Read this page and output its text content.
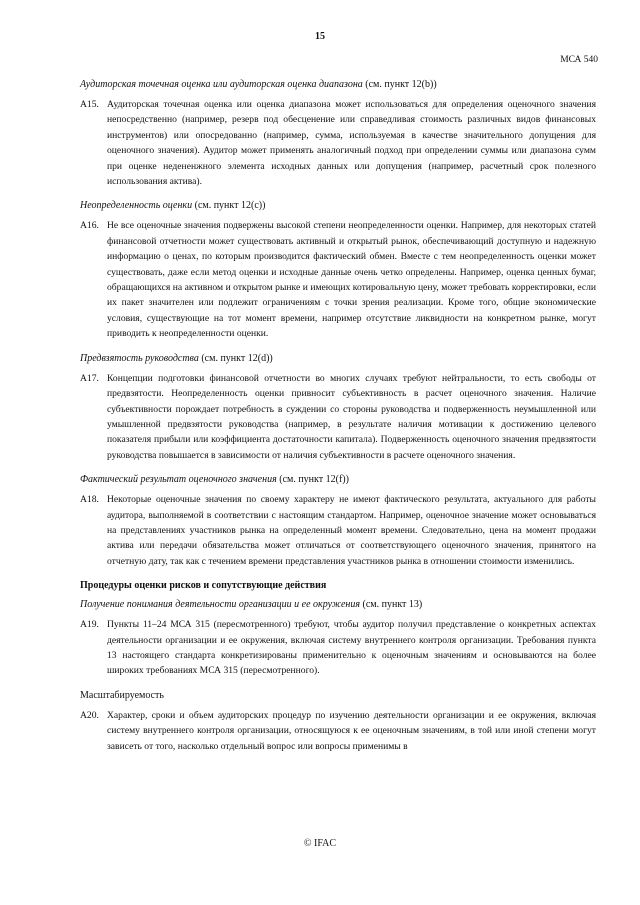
15
МСА 540
Аудиторская точечная оценка или аудиторская оценка диапазона (см. пункт 12(b))
A15. Аудиторская точечная оценка или оценка диапазона может использоваться для определения оценочного значения непосредственно (например, резерв под обесценение или справедливая стоимость различных видов финансовых инструментов) или опосредованно (например, сумма, используемая в качестве значительного допущения для оценочного значения). Аудитор может применять аналогичный подход при определении суммы или диапазона сумм при оценке недененжного элемента исходных данных или допущения (например, расчетный срок полезного использования актива).
Неопределенность оценки (см. пункт 12(c))
A16. Не все оценочные значения подвержены высокой степени неопределенности оценки. Например, для некоторых статей финансовой отчетности может существовать активный и открытый рынок, обеспечивающий доступную и надежную информацию о ценах, по которым производится фактический обмен. Вместе с тем неопределенность оценки может существовать, даже если метод оценки и исходные данные очень четко определены. Например, оценка ценных бумаг, обращающихся на активном и открытом рынке и имеющих котировальную цену, может требовать корректировки, если их пакет значителен или подлежит ограничениям с точки зрения реализации. Кроме того, общие экономические условия, существующие на тот момент времени, например отсутствие ликвидности на конкретном рынке, могут приводить к неопределенности оценки.
Предвзятость руководства (см. пункт 12(d))
A17. Концепции подготовки финансовой отчетности во многих случаях требуют нейтральности, то есть свободы от предвзятости. Неопределенность оценки привносит субъективность в расчет оценочного значения. Наличие субъективности порождает потребность в суждении со стороны руководства и подверженность неумышленной или умышленной предвзятости руководства (например, в результате наличия мотивации к достижению целевого показателя прибыли или коэффициента достаточности капитала). Подверженность оценочного значения предвзятости руководства повышается в зависимости от наличия субъективности в расчете оценочного значения.
Фактический результат оценочного значения (см. пункт 12(f))
A18. Некоторые оценочные значения по своему характеру не имеют фактического результата, актуального для работы аудитора, выполняемой в соответствии с настоящим стандартом. Например, оценочное значение может основываться на представлениях участников рынка на определенный момент времени. Следовательно, цена на момент продажи актива или передачи обязательства может отличаться от соответствующего оценочного значения, принятого на отчетную дату, так как с течением времени представления участников рынка в отношении стоимости изменились.
Процедуры оценки рисков и сопутствующие действия
Получение понимания деятельности организации и ее окружения (см. пункт 13)
A19. Пункты 11–24 МСА 315 (пересмотренного) требуют, чтобы аудитор получил представление о конкретных аспектах деятельности организации и ее окружения, включая систему внутреннего контроля организации. Требования пункта 13 настоящего стандарта конкретизированы применительно к оценочным значениям и основываются на более широких требованиях МСА 315 (пересмотренного).
Масштабируемость
A20. Характер, сроки и объем аудиторских процедур по изучению деятельности организации и ее окружения, включая систему внутреннего контроля организации, относящуюся к ее оценочным значениям, в той или иной степени могут зависеть от того, насколько отдельный вопрос или вопросы применимы в
© IFAC
